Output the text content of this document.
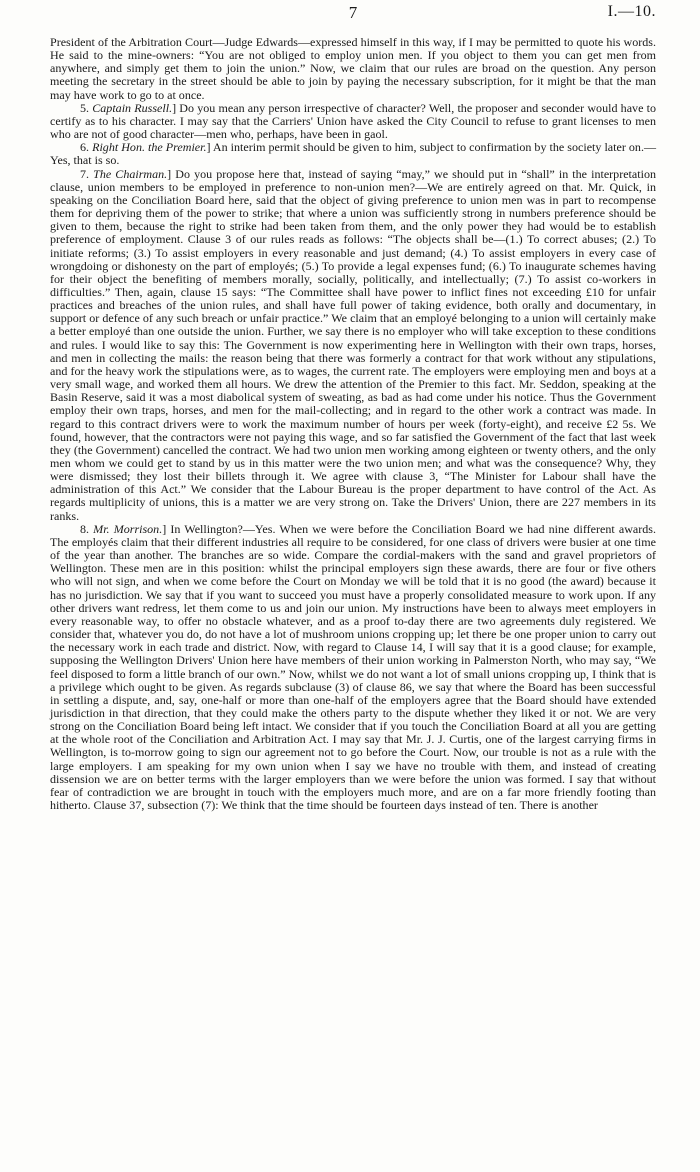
7	I.—10.

President of the Arbitration Court—Judge Edwards—expressed himself in this way, if I may be permitted to quote his words. He said to the mine-owners: “You are not obliged to employ union men. If you object to them you can get men from anywhere, and simply get them to join the union.” Now, we claim that our rules are broad on the question. Any person meeting the secretary in the street should be able to join by paying the necessary subscription, for it might be that the man may have work to go to at once.

5. Captain Russell.] Do you mean any person irrespective of character? Well, the proposer and seconder would have to certify as to his character. I may say that the Carriers' Union have asked the City Council to refuse to grant licenses to men who are not of good character—men who, perhaps, have been in gaol.

6. Right Hon. the Premier.] An interim permit should be given to him, subject to confirmation by the society later on.—Yes, that is so.

7. The Chairman.] Do you propose here that, instead of saying “may,” we should put in “shall” in the interpretation clause, union members to be employed in preference to non-union men?—We are entirely agreed on that. Mr. Quick, in speaking on the Conciliation Board here, said that the object of giving preference to union men was in part to recompense them for depriving them of the power to strike; that where a union was sufficiently strong in numbers preference should be given to them, because the right to strike had been taken from them, and the only power they had would be to establish preference of employment. Clause 3 of our rules reads as follows: “The objects shall be—(1.) To correct abuses; (2.) To initiate reforms; (3.) To assist employers in every reasonable and just demand; (4.) To assist employers in every case of wrongdoing or dishonesty on the part of employés; (5.) To provide a legal expenses fund; (6.) To inaugurate schemes having for their object the benefiting of members morally, socially, politically, and intellectually; (7.) To assist co-workers in difficulties.” Then, again, clause 15 says: “The Committee shall have power to inflict fines not exceeding £10 for unfair practices and breaches of the union rules, and shall have full power of taking evidence, both orally and documentary, in support or defence of any such breach or unfair practice.” We claim that an employé belonging to a union will certainly make a better employé than one outside the union. Further, we say there is no employer who will take exception to these conditions and rules. I would like to say this: The Government is now experimenting here in Wellington with their own traps, horses, and men in collecting the mails: the reason being that there was formerly a contract for that work without any stipulations, and for the heavy work the stipulations were, as to wages, the current rate. The employers were employing men and boys at a very small wage, and worked them all hours. We drew the attention of the Premier to this fact. Mr. Seddon, speaking at the Basin Reserve, said it was a most diabolical system of sweating, as bad as had come under his notice. Thus the Government employ their own traps, horses, and men for the mail-collecting; and in regard to the other work a contract was made. In regard to this contract drivers were to work the maximum number of hours per week (forty-eight), and receive £2 5s. We found, however, that the contractors were not paying this wage, and so far satisfied the Government of the fact that last week they (the Government) cancelled the contract. We had two union men working among eighteen or twenty others, and the only men whom we could get to stand by us in this matter were the two union men; and what was the consequence? Why, they were dismissed; they lost their billets through it. We agree with clause 3, “The Minister for Labour shall have the administration of this Act.” We consider that the Labour Bureau is the proper department to have control of the Act. As regards multiplicity of unions, this is a matter we are very strong on. Take the Drivers' Union, there are 227 members in its ranks.

8. Mr. Morrison.] In Wellington?—Yes. When we were before the Conciliation Board we had nine different awards. The employés claim that their different industries all require to be considered, for one class of drivers were busier at one time of the year than another. The branches are so wide. Compare the cordial-makers with the sand and gravel proprietors of Wellington. These men are in this position: whilst the principal employers sign these awards, there are four or five others who will not sign, and when we come before the Court on Monday we will be told that it is no good (the award) because it has no jurisdiction. We say that if you want to succeed you must have a properly consolidated measure to work upon. If any other drivers want redress, let them come to us and join our union. My instructions have been to always meet employers in every reasonable way, to offer no obstacle whatever, and as a proof to-day there are two agreements duly registered. We consider that, whatever you do, do not have a lot of mushroom unions cropping up; let there be one proper union to carry out the necessary work in each trade and district. Now, with regard to Clause 14, I will say that it is a good clause; for example, supposing the Wellington Drivers' Union here have members of their union working in Palmerston North, who may say, “We feel disposed to form a little branch of our own.” Now, whilst we do not want a lot of small unions cropping up, I think that is a privilege which ought to be given. As regards subclause (3) of clause 86, we say that where the Board has been successful in settling a dispute, and, say, one-half or more than one-half of the employers agree that the Board should have extended jurisdiction in that direction, that they could make the others party to the dispute whether they liked it or not. We are very strong on the Conciliation Board being left intact. We consider that if you touch the Conciliation Board at all you are getting at the whole root of the Conciliation and Arbitration Act. I may say that Mr. J. J. Curtis, one of the largest carrying firms in Wellington, is to-morrow going to sign our agreement not to go before the Court. Now, our trouble is not as a rule with the large employers. I am speaking for my own union when I say we have no trouble with them, and instead of creating dissension we are on better terms with the larger employers than we were before the union was formed. I say that without fear of contradiction we are brought in touch with the employers much more, and are on a far more friendly footing than hitherto. Clause 37, subsection (7): We think that the time should be fourteen days instead of ten. There is another
